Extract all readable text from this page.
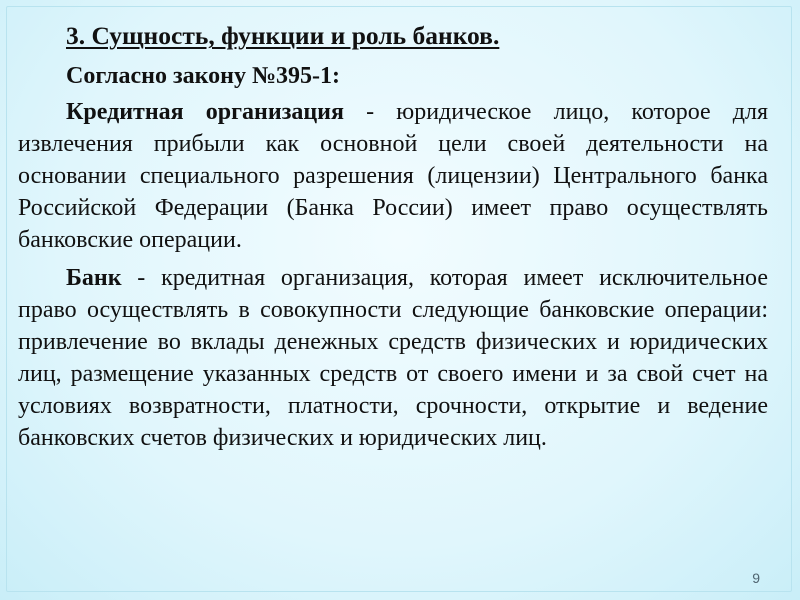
3. Сущность, функции и роль банков.
Согласно закону №395-1:

Кредитная организация - юридическое лицо, которое для извлечения прибыли как основной цели своей деятельности на основании специального разрешения (лицензии) Центрального банка Российской Федерации (Банка России) имеет право осуществлять банковские операции.

Банк - кредитная организация, которая имеет исключительное право осуществлять в совокупности следующие банковские операции: привлечение во вклады денежных средств физических и юридических лиц, размещение указанных средств от своего имени и за свой счет на условиях возвратности, платности, срочности, открытие и ведение банковских счетов физических и юридических лиц.

9
